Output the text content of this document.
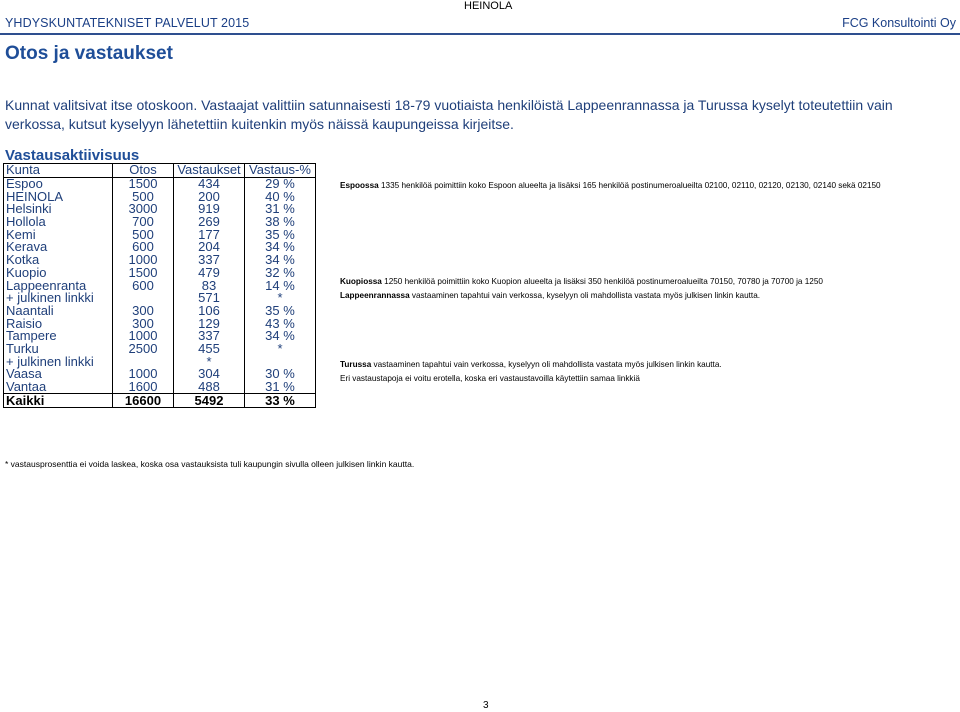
YHDYSKUNTATEKNISET PALVELUT 2015
HEINOLA
FCG Konsultointi Oy
Otos ja vastaukset
Kunnat valitsivat itse otoskoon. Vastaajat valittiin satunnaisesti 18-79 vuotiaista henkilöistä Lappeenrannassa ja Turussa kyselyt toteutettiin vain verkossa, kutsut kyselyyn lähetettiin kuitenkin myös näissä kaupungeissa kirjeitse.
Vastausaktiivisuus
Kunta	Otos	Vastaukset	Vastaus-%
Espoo	1500	434	29 %
HEINOLA	500	200	40 %
Helsinki	3000	919	31 %
Hollola	700	269	38 %
Kemi	500	177	35 %
Kerava	600	204	34 %
Kotka	1000	337	34 %
Kuopio	1500	479	32 %
Lappeenranta	600	83	14 %
+ julkinen linkki		571	*
Naantali	300	106	35 %
Raisio	300	129	43 %
Tampere	1000	337	34 %
Turku	2500	455	*
+ julkinen linkki		*	
Vaasa	1000	304	30 %
Vantaa	1600	488	31 %
Kaikki	16600	5492	33 %
Espoossa 1335 henkilöä poimittiin koko Espoon alueelta ja lisäksi 165 henkilöä postinumeroalueilta 02100, 02110, 02120, 02130, 02140 sekä 02150
Kuopiossa 1250 henkilöä poimittiin koko Kuopion alueelta ja lisäksi 350 henkilöä postinumeroalueilta 70150, 70780 ja 70700 ja 1250
Lappeenrannassa vastaaminen tapahtui vain verkossa, kyselyyn oli mahdollista vastata myös julkisen linkin kautta.
Turussa vastaaminen tapahtui vain verkossa, kyselyyn oli mahdollista vastata myös julkisen linkin kautta.
Eri vastaustapoja ei voitu erotella, koska eri vastaustavoilla käytettiin samaa linkkiä
* vastausprosenttia ei voida laskea, koska osa vastauksista tuli kaupungin sivulla olleen julkisen linkin kautta.
3
